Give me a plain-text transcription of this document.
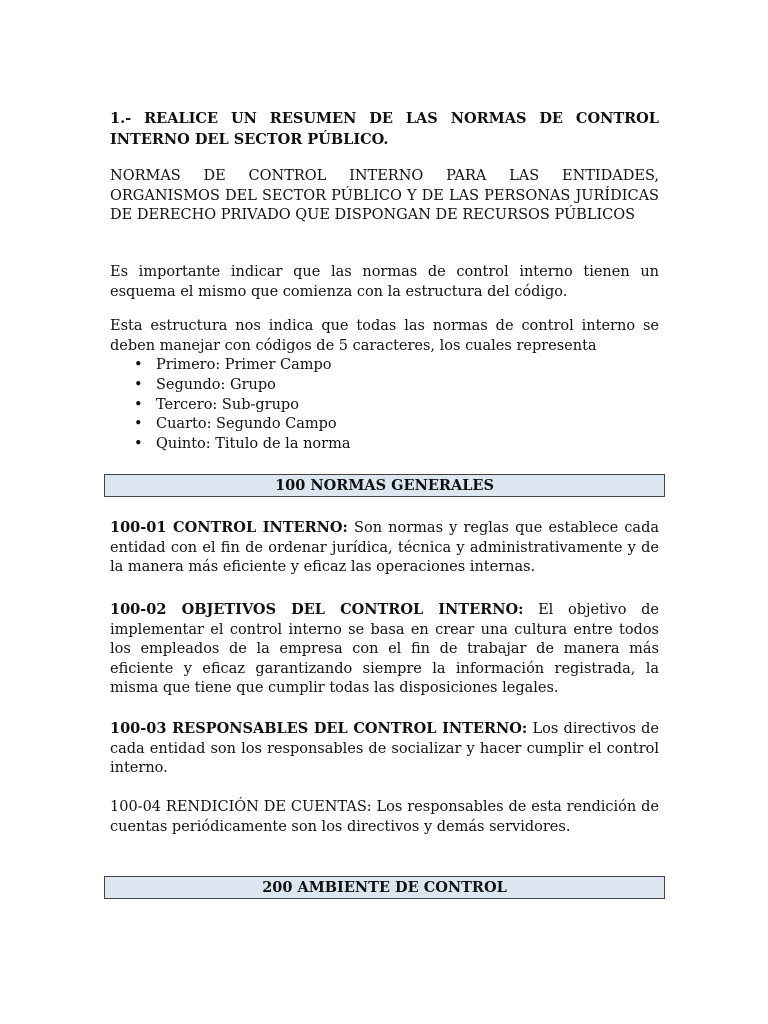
1.- REALICE UN RESUMEN DE LAS NORMAS DE CONTROL
INTERNO DEL SECTOR PÚBLICO.
NORMAS DE CONTROL INTERNO PARA LAS ENTIDADES, ORGANISMOS DEL SECTOR PÚBLICO Y DE LAS PERSONAS JURÍDICAS DE DERECHO PRIVADO QUE DISPONGAN DE RECURSOS PÚBLICOS
Es importante indicar que las normas de control interno tienen un esquema el mismo que comienza con la estructura del código.
Esta estructura nos indica que todas las normas de control interno se deben manejar con códigos de 5 caracteres, los cuales representa
• Primero: Primer Campo
• Segundo: Grupo
• Tercero: Sub-grupo
• Cuarto: Segundo Campo
• Quinto: Titulo de la norma
100 NORMAS GENERALES
100-01 CONTROL INTERNO: Son normas y reglas que establece cada entidad con el fin de ordenar jurídica, técnica y administrativamente y de la manera más eficiente y eficaz las operaciones internas.
100-02 OBJETIVOS DEL CONTROL INTERNO: El objetivo de implementar el control interno se basa en crear una cultura entre todos los empleados de la empresa con el fin de trabajar de manera más eficiente y eficaz garantizando siempre la información registrada, la misma que tiene que cumplir todas las disposiciones legales.
100-03 RESPONSABLES DEL CONTROL INTERNO: Los directivos de cada entidad son los responsables de socializar y hacer cumplir el control interno.
100-04 RENDICIÓN DE CUENTAS: Los responsables de esta rendición de cuentas periódicamente son los directivos y demás servidores.
200 AMBIENTE DE CONTROL
